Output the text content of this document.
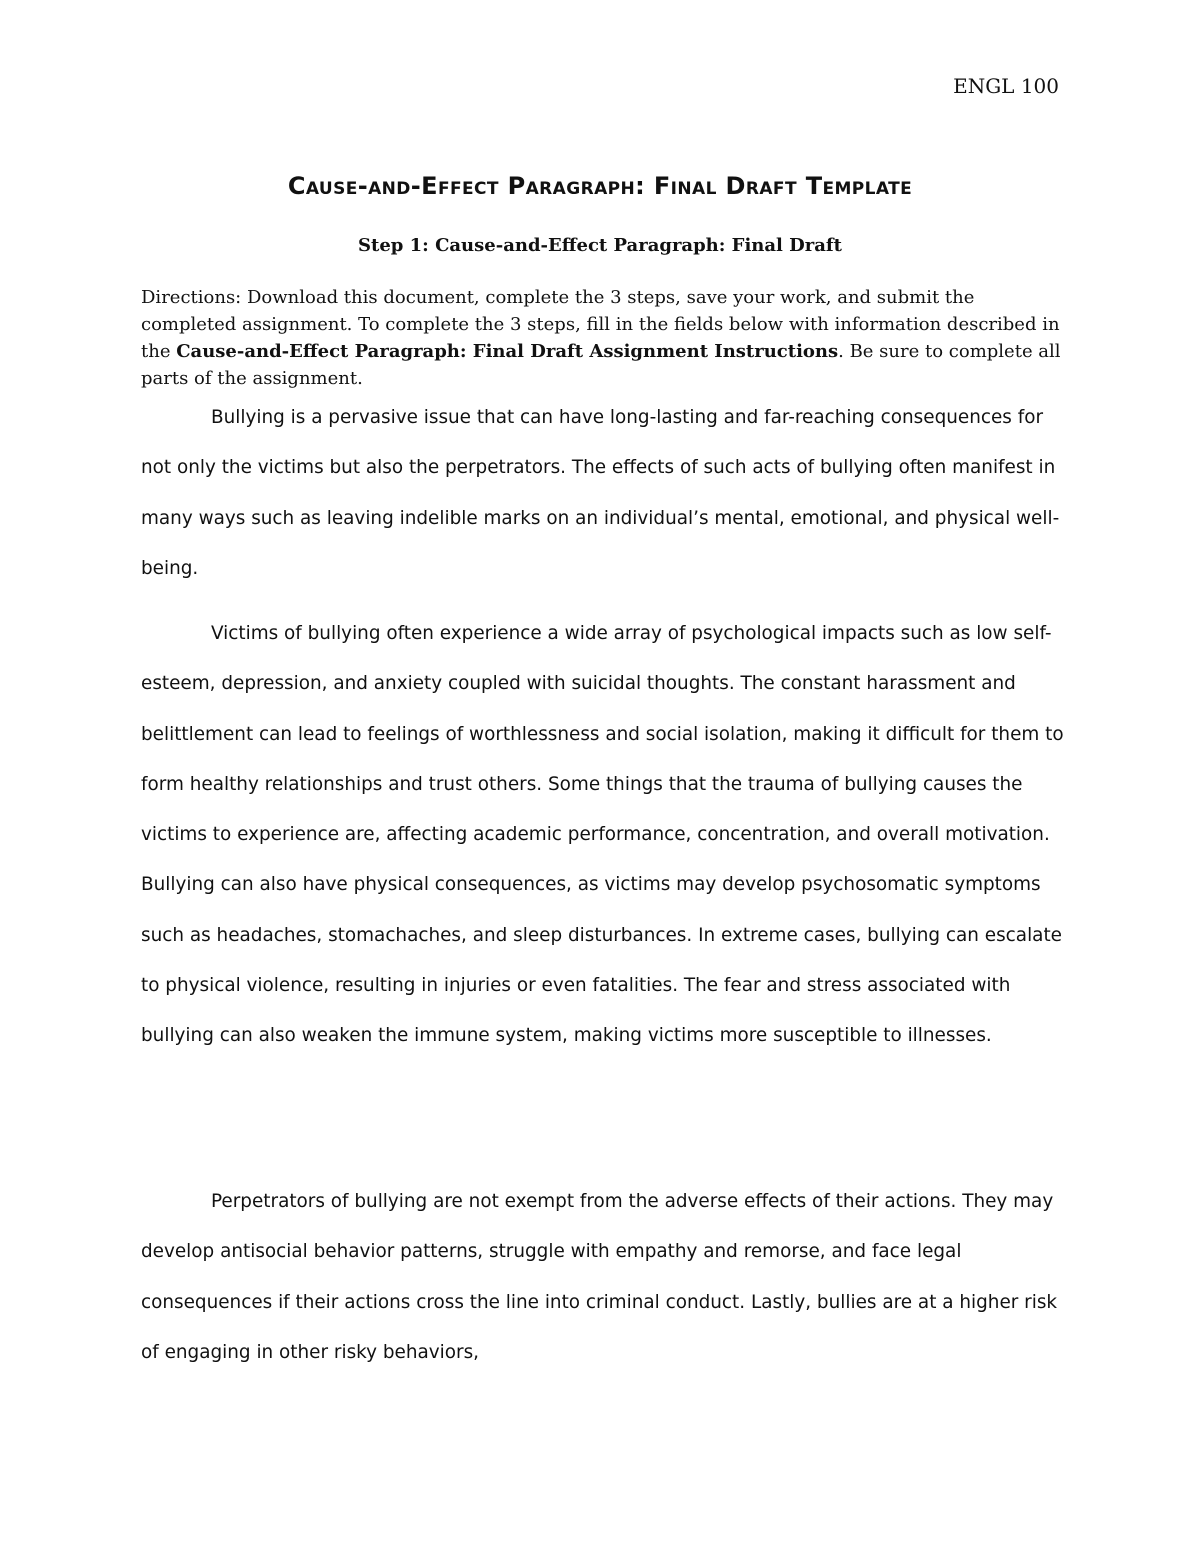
ENGL 100
Cause-and-Effect Paragraph: Final Draft Template
Step 1: Cause-and-Effect Paragraph: Final Draft

Directions: Download this document, complete the 3 steps, save your work, and submit the completed assignment. To complete the 3 steps, fill in the fields below with information described in the Cause-and-Effect Paragraph: Final Draft Assignment Instructions. Be sure to complete all parts of the assignment.

Bullying is a pervasive issue that can have long-lasting and far-reaching consequences for not only the victims but also the perpetrators. The effects of such acts of bullying often manifest in many ways such as leaving indelible marks on an individual’s mental, emotional, and physical well-being.

Victims of bullying often experience a wide array of psychological impacts such as low self-esteem, depression, and anxiety coupled with suicidal thoughts. The constant harassment and belittlement can lead to feelings of worthlessness and social isolation, making it difficult for them to form healthy relationships and trust others. Some things that the trauma of bullying causes the victims to experience are, affecting academic performance, concentration, and overall motivation. Bullying can also have physical consequences, as victims may develop psychosomatic symptoms such as headaches, stomachaches, and sleep disturbances. In extreme cases, bullying can escalate to physical violence, resulting in injuries or even fatalities. The fear and stress associated with bullying can also weaken the immune system, making victims more susceptible to illnesses.

Perpetrators of bullying are not exempt from the adverse effects of their actions. They may develop antisocial behavior patterns, struggle with empathy and remorse, and face legal consequences if their actions cross the line into criminal conduct. Lastly, bullies are at a higher risk of engaging in other risky behaviors,
